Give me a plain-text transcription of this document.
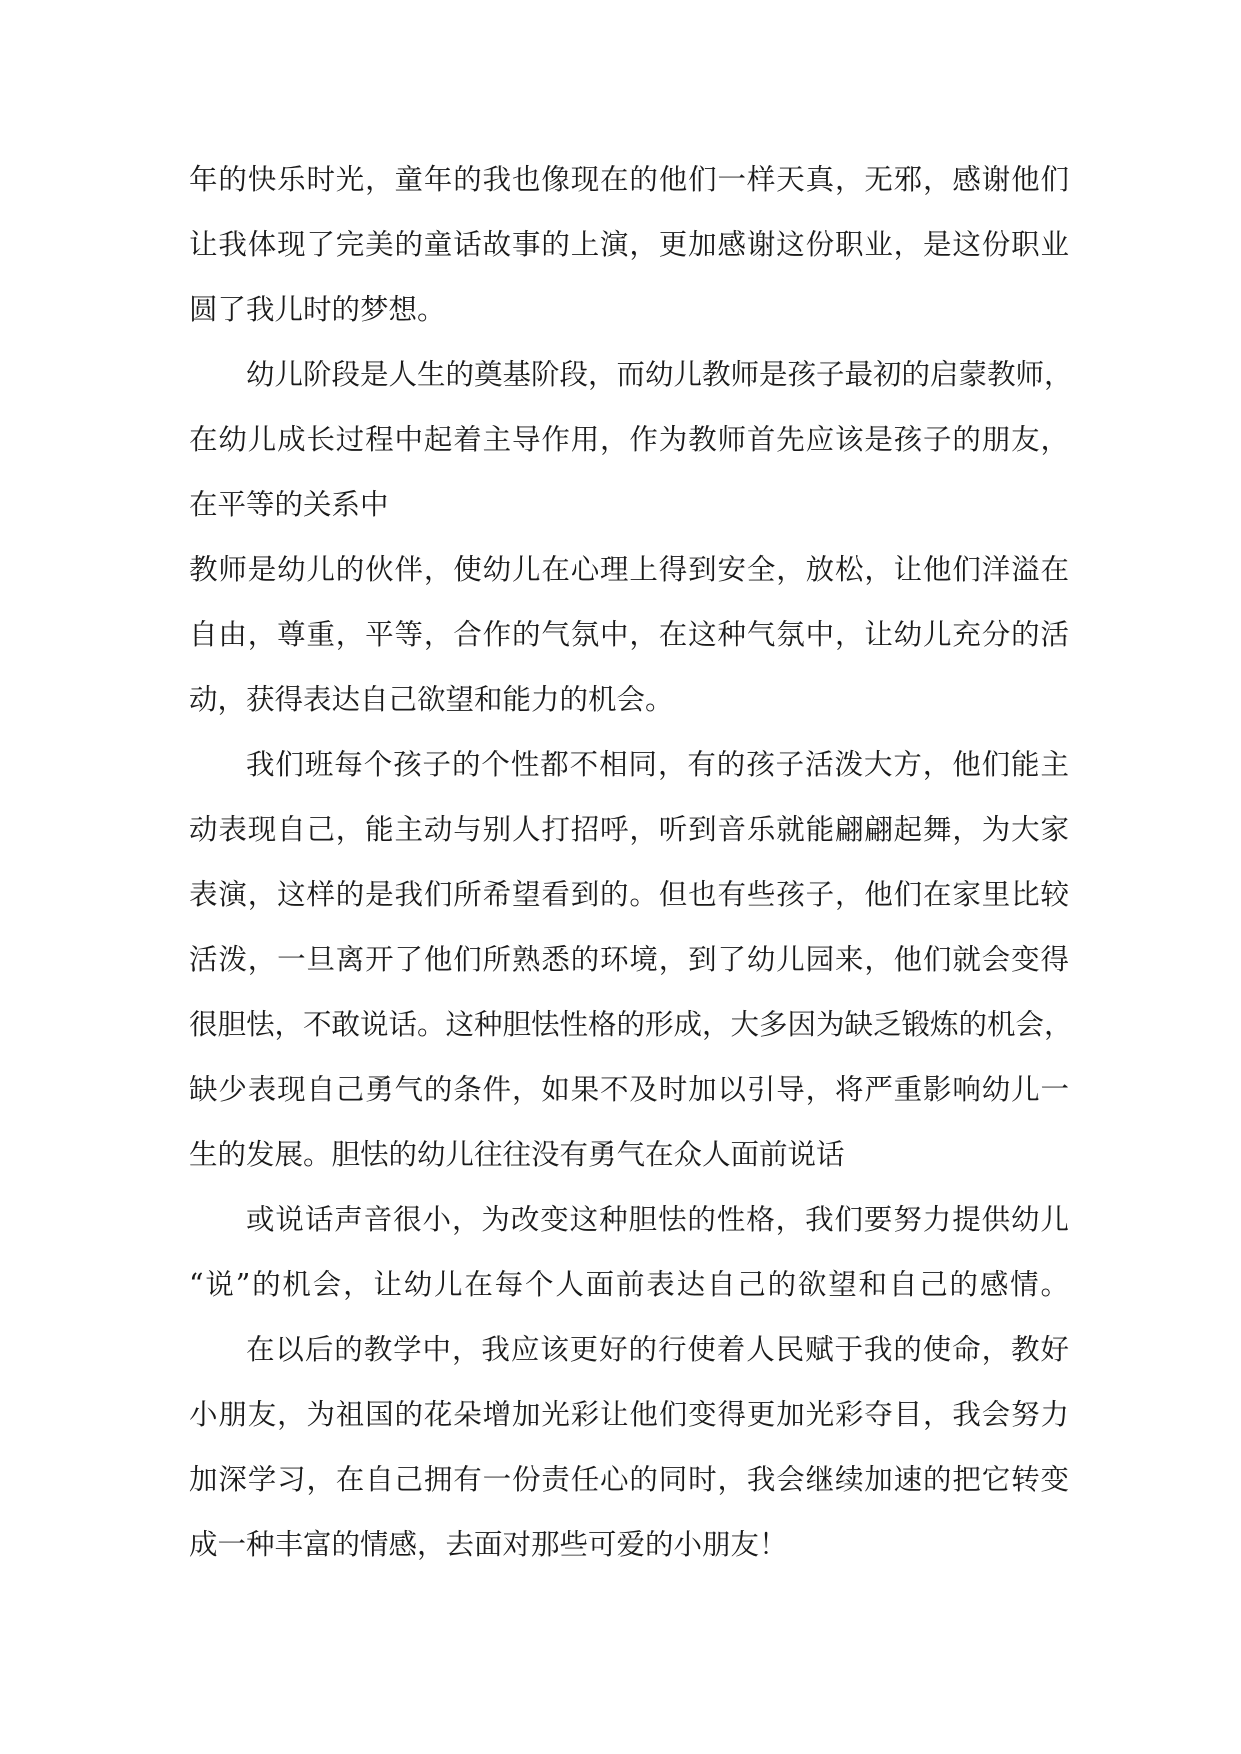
年的快乐时光，童年的我也像现在的他们一样天真，无邪，感谢他们
让我体现了完美的童话故事的上演，更加感谢这份职业，是这份职业
圆了我儿时的梦想。
幼儿阶段是人生的奠基阶段，而幼儿教师是孩子最初的启蒙教师，
在幼儿成长过程中起着主导作用，作为教师首先应该是孩子的朋友，
在平等的关系中
教师是幼儿的伙伴，使幼儿在心理上得到安全，放松，让他们洋溢在
自由，尊重，平等，合作的气氛中，在这种气氛中，让幼儿充分的活
动，获得表达自己欲望和能力的机会。
我们班每个孩子的个性都不相同，有的孩子活泼大方，他们能主
动表现自己，能主动与别人打招呼，听到音乐就能翩翩起舞，为大家
表演，这样的是我们所希望看到的。但也有些孩子，他们在家里比较
活泼，一旦离开了他们所熟悉的环境，到了幼儿园来，他们就会变得
很胆怯，不敢说话。这种胆怯性格的形成，大多因为缺乏锻炼的机会，
缺少表现自己勇气的条件，如果不及时加以引导，将严重影响幼儿一
生的发展。胆怯的幼儿往往没有勇气在众人面前说话
或说话声音很小，为改变这种胆怯的性格，我们要努力提供幼儿
“说”的机会，让幼儿在每个人面前表达自己的欲望和自己的感情。
在以后的教学中，我应该更好的行使着人民赋于我的使命，教好
小朋友，为祖国的花朵增加光彩让他们变得更加光彩夺目，我会努力
加深学习，在自己拥有一份责任心的同时，我会继续加速的把它转变
成一种丰富的情感，去面对那些可爱的小朋友！
